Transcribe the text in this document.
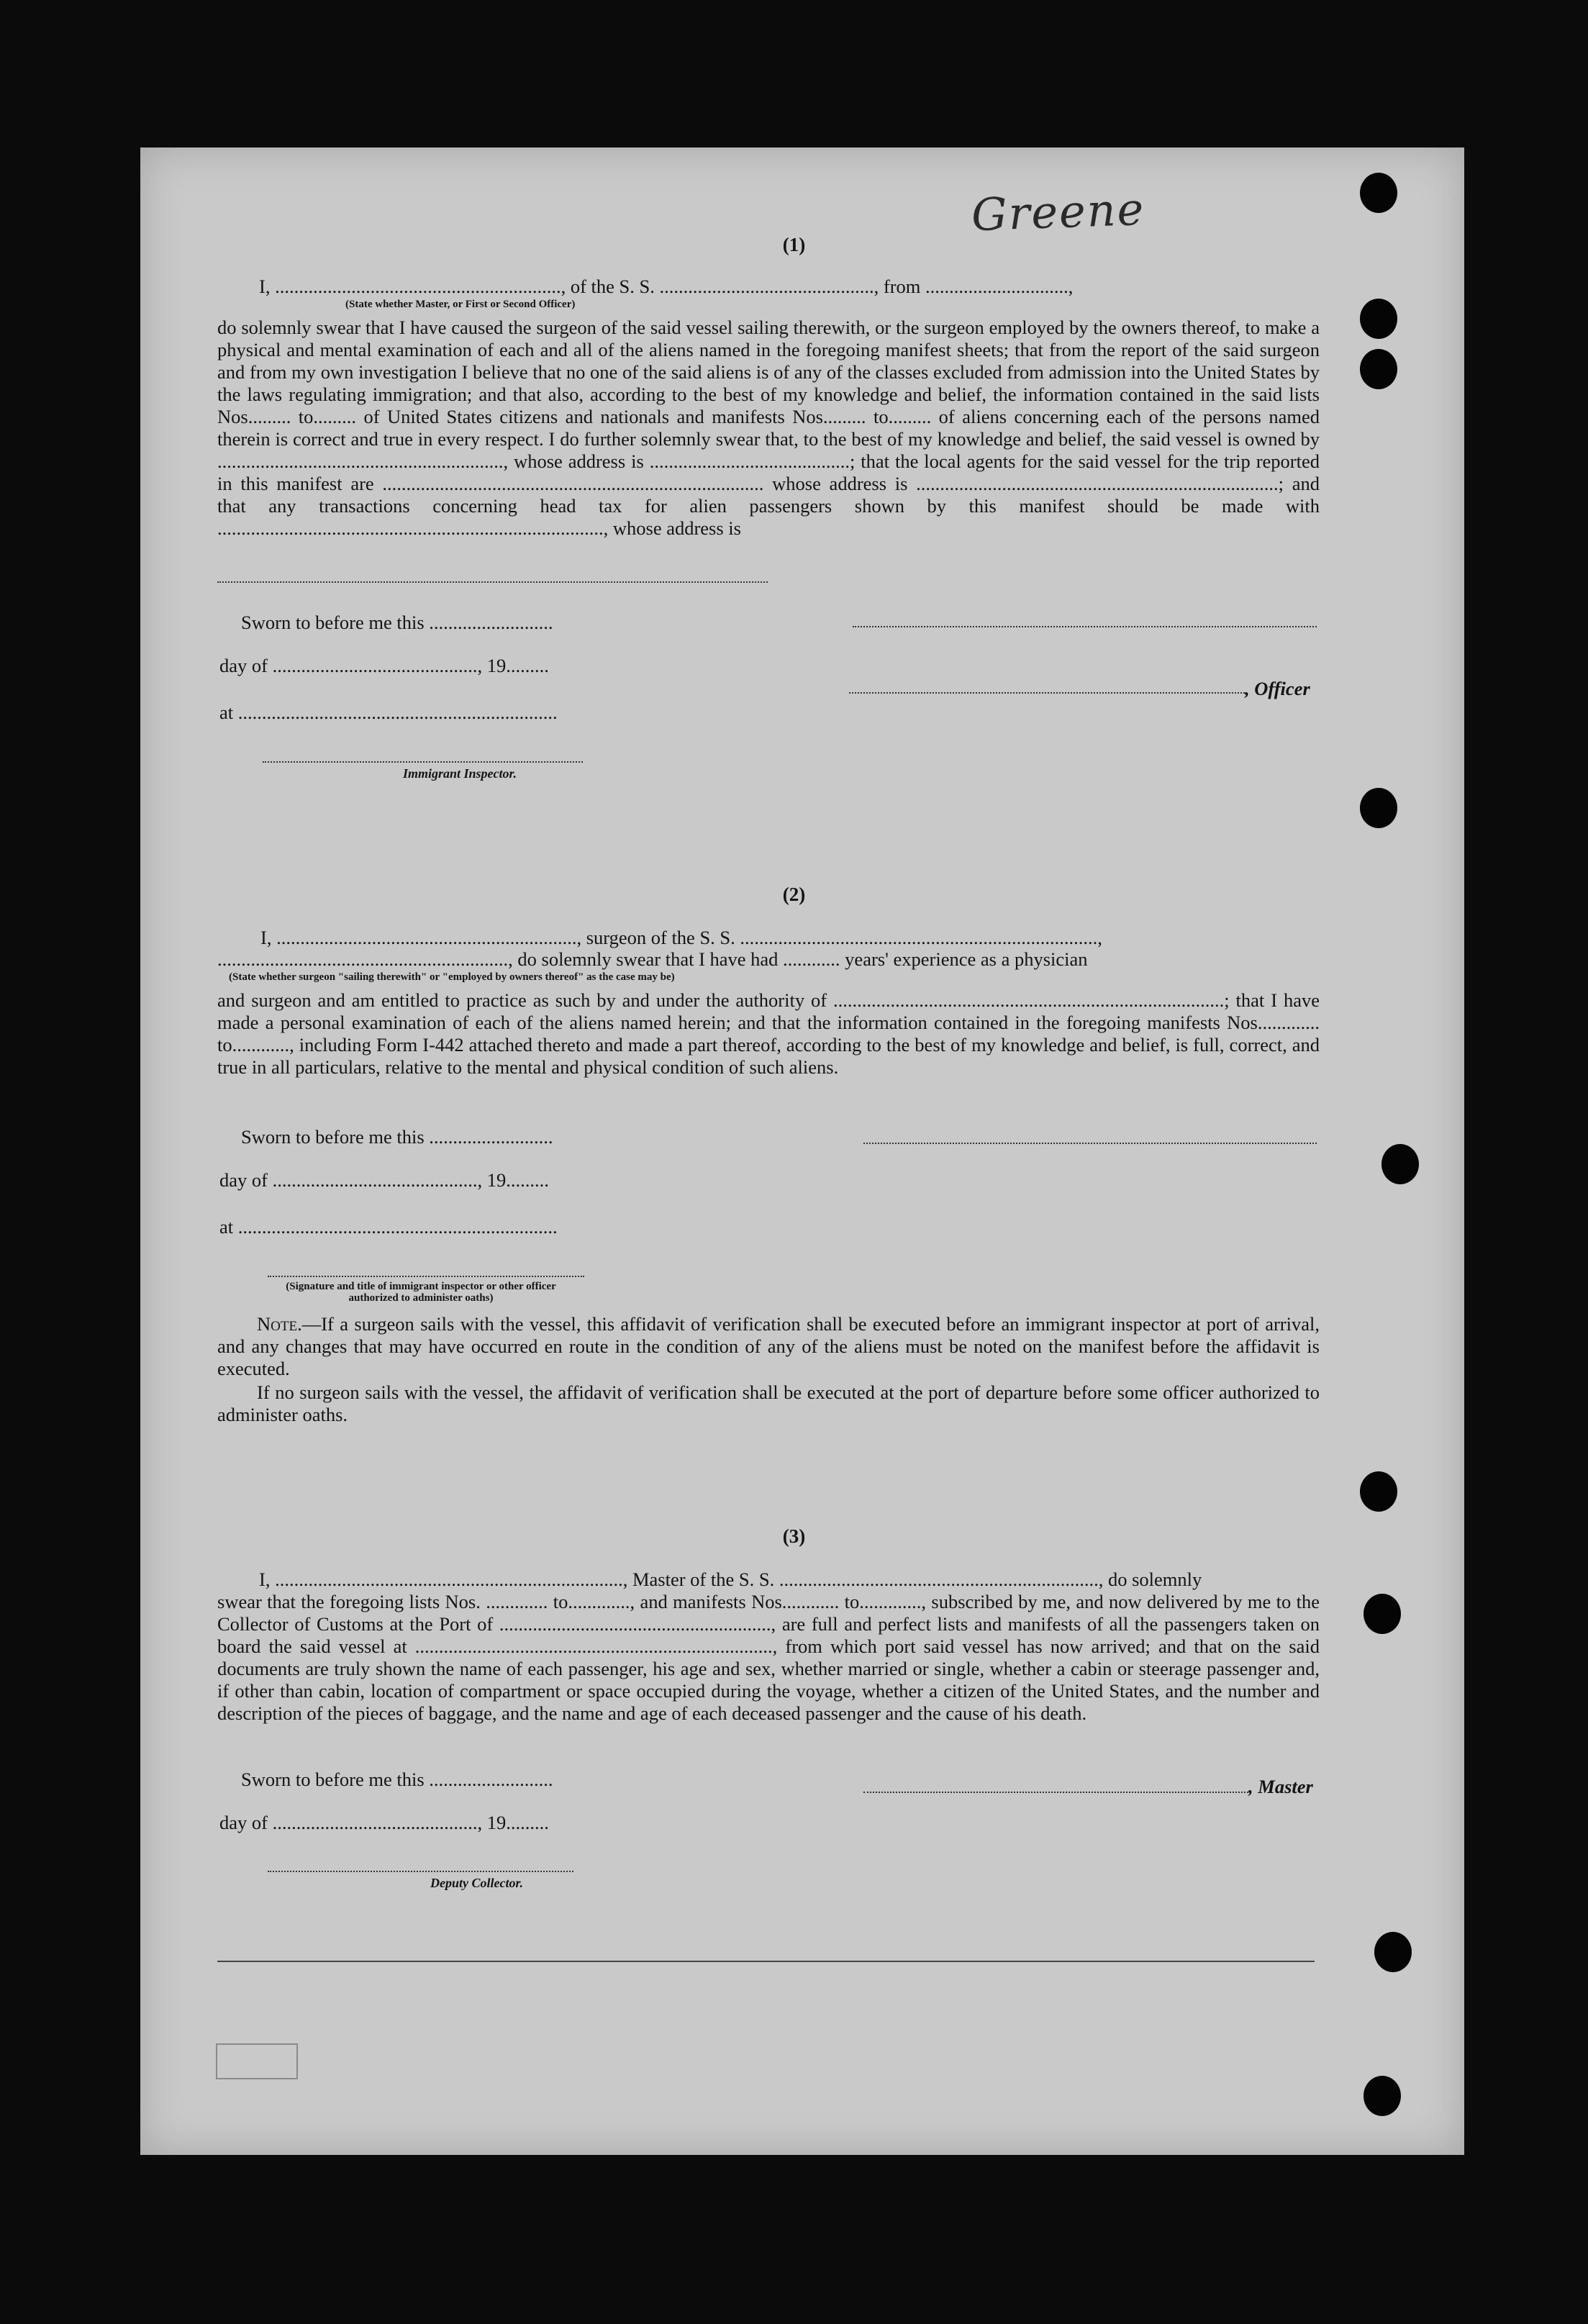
Greene
(1)
I, ............................................................, of the S. S. ............................................., from ..............................,
(State whether Master, or First or Second Officer)
do solemnly swear that I have caused the surgeon of the said vessel sailing therewith, or the surgeon employed by the owners thereof, to make a physical and mental examination of each and all of the aliens named in the foregoing manifest sheets; that from the report of the said surgeon and from my own investigation I believe that no one of the said aliens is of any of the classes excluded from admission into the United States by the laws regulating immigration; and that also, according to the best of my knowledge and belief, the information contained in the said lists Nos......... to......... of United States citizens and nationals and manifests Nos......... to......... of aliens concerning each of the persons named therein is correct and true in every respect. I do further solemnly swear that, to the best of my knowledge and belief, the said vessel is owned by ............................................................, whose address is ..........................................; that the local agents for the said vessel for the trip reported in this manifest are ................................................................................ whose address is ............................................................................; and that any transactions concerning head tax for alien passengers shown by this manifest should be made with ................................................................................., whose address is
Sworn to before me this ..........................
day of ..........................................., 19.........
at ...................................................................
Immigrant Inspector.
, Officer
(2)
I, ..............................................................., surgeon of the S. S. ...........................................................................,
............................................................., do solemnly swear that I have had ............ years' experience as a physician
(State whether surgeon "sailing therewith" or "employed by owners thereof" as the case may be)
and surgeon and am entitled to practice as such by and under the authority of ..................................................................................; that I have made a personal examination of each of the aliens named herein; and that the information contained in the foregoing manifests Nos............. to............, including Form I-442 attached thereto and made a part thereof, according to the best of my knowledge and belief, is full, correct, and true in all particulars, relative to the mental and physical condition of such aliens.
Sworn to before me this ..........................
day of ..........................................., 19.........
at ...................................................................
(Signature and title of immigrant inspector or other officer authorized to administer oaths)
Note.—If a surgeon sails with the vessel, this affidavit of verification shall be executed before an immigrant inspector at port of arrival, and any changes that may have occurred en route in the condition of any of the aliens must be noted on the manifest before the affidavit is executed.
If no surgeon sails with the vessel, the affidavit of verification shall be executed at the port of departure before some officer authorized to administer oaths.
(3)
I, ........................................................................., Master of the S. S. ..................................................................., do solemnly
swear that the foregoing lists Nos. ............. to............., and manifests Nos............ to............., subscribed by me, and now delivered by me to the Collector of Customs at the Port of ........................................................., are full and perfect lists and manifests of all the passengers taken on board the said vessel at ..........................................................................., from which port said vessel has now arrived; and that on the said documents are truly shown the name of each passenger, his age and sex, whether married or single, whether a cabin or steerage passenger and, if other than cabin, location of compartment or space occupied during the voyage, whether a citizen of the United States, and the number and description of the pieces of baggage, and the name and age of each deceased passenger and the cause of his death.
Sworn to before me this ..........................	, Master
day of ..........................................., 19.........
Deputy Collector.
